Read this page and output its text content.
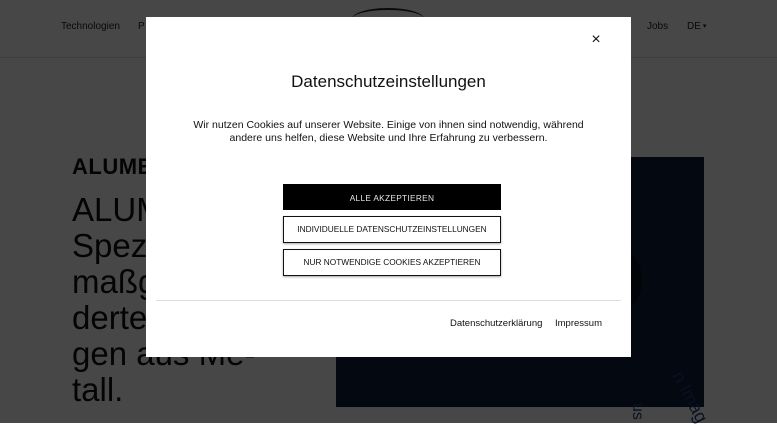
×
Datenschutzeinstellungen
Wir nutzen Cookies auf unserer Website. Einige von ihnen sind notwendig, während andere uns helfen, diese Website und Ihre Erfahrung zu verbessern.
ALLE AKZEPTIEREN
INDIVIDUELLE DATENSCHUTZEINSTELLUNGEN
NUR NOTWENDIGE COOKIES AKZEPTIEREN
Datenschutzerklärung Impressum
